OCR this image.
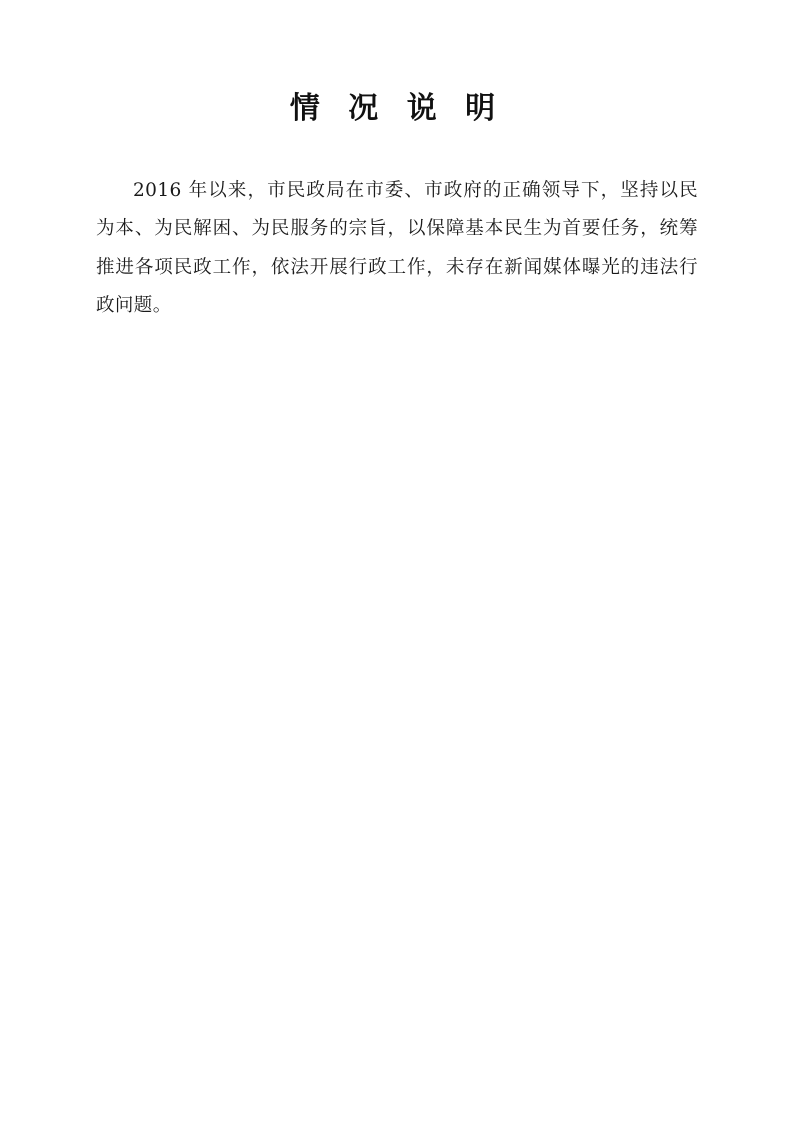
情 况 说 明

2016 年以来，市民政局在市委、市政府的正确领导下，坚持以民为本、为民解困、为民服务的宗旨，以保障基本民生为首要任务，统筹推进各项民政工作，依法开展行政工作，未存在新闻媒体曝光的违法行政问题。
